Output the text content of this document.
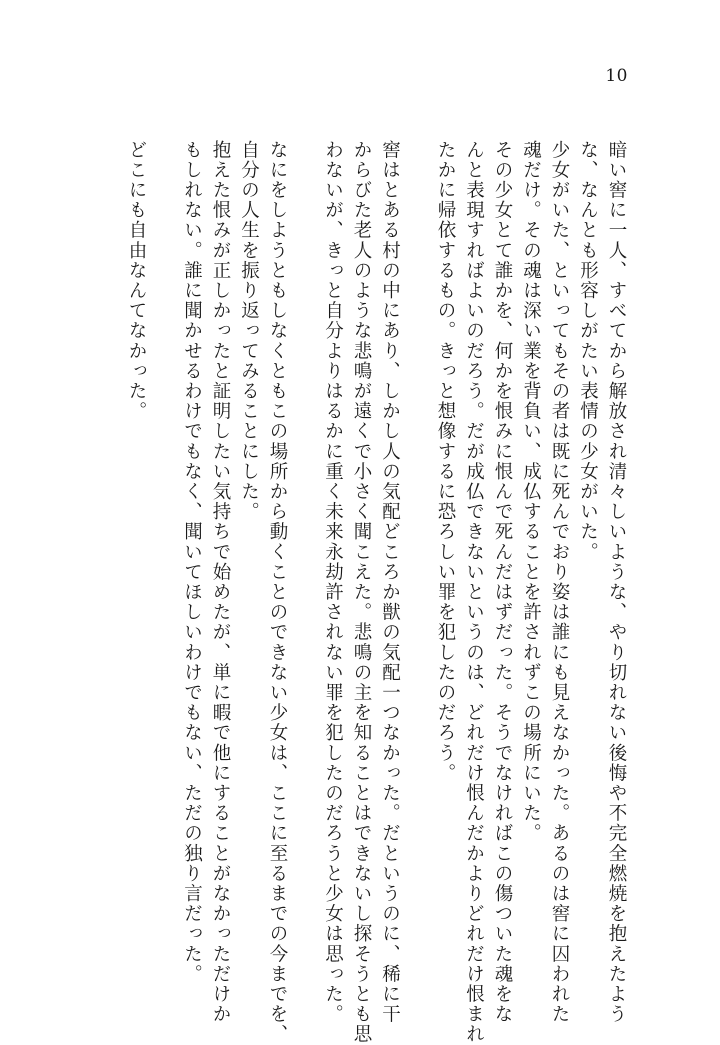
10
暗い窖に一人、すべてから解放され清々しいような、やり切れない後悔や不完全燃焼を抱えたよう
な、なんとも形容しがたい表情の少女がいた。
少女がいた、といってもその者は既に死んでおり姿は誰にも見えなかった。あるのは窖に囚われた
魂だけ。その魂は深い業を背負い、成仏することを許されずこの場所にいた。
その少女とて誰かを、何かを恨みに恨んで死んだはずだった。そうでなければこの傷ついた魂をな
んと表現すればよいのだろう。だが成仏できないというのは、どれだけ恨んだかよりどれだけ恨まれ
たかに帰依するもの。きっと想像するに恐ろしい罪を犯したのだろう。
窖はとある村の中にあり、しかし人の気配どころか獣の気配一つなかった。だというのに、稀に干
からびた老人のような悲鳴が遠くで小さく聞こえた。悲鳴の主を知ることはできないし探そうとも思
わないが、きっと自分よりはるかに重く未来永劫許されない罪を犯したのだろうと少女は思った。
なにをしようともしなくともこの場所から動くことのできない少女は、ここに至るまでの今までを、
自分の人生を振り返ってみることにした。
抱えた恨みが正しかったと証明したい気持ちで始めたが、単に暇で他にすることがなかっただけか
もしれない。誰に聞かせるわけでもなく、聞いてほしいわけでもない、ただの独り言だった。
どこにも自由なんてなかった。
